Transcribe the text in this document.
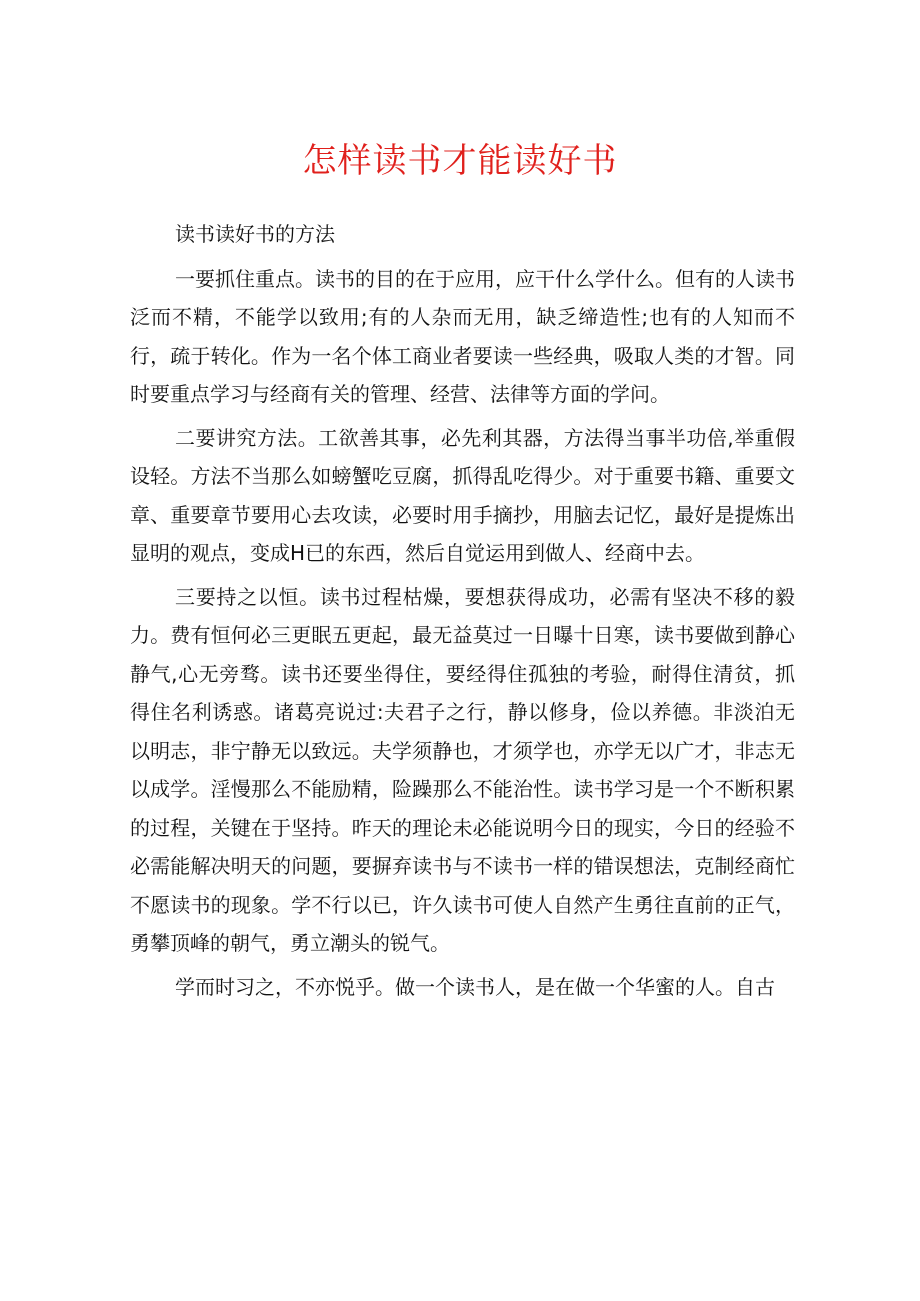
怎样读书才能读好书

读书读好书的方法

一要抓住重点。读书的目的在于应用，应干什么学什么。但有的人读书泛而不精，不能学以致用;有的人杂而无用，缺乏缔造性;也有的人知而不行，疏于转化。作为一名个体工商业者要读一些经典，吸取人类的才智。同时要重点学习与经商有关的管理、经营、法律等方面的学问。

二要讲究方法。工欲善其事，必先利其器，方法得当事半功倍,举重假设轻。方法不当那么如螃蟹吃豆腐，抓得乱吃得少。对于重要书籍、重要文章、重要章节要用心去攻读，必要时用手摘抄，用脑去记忆，最好是提炼出显明的观点，变成H已的东西，然后自觉运用到做人、经商中去。

三要持之以恒。读书过程枯燥，要想获得成功，必需有坚决不移的毅力。费有恒何必三更眠五更起，最无益莫过一日曝十日寒，读书要做到静心静气,心无旁骛。读书还要坐得住，要经得住孤独的考验，耐得住清贫，抓得住名利诱惑。诸葛亮说过:夫君子之行，静以修身，俭以养德。非淡泊无以明志，非宁静无以致远。夫学须静也，才须学也，亦学无以广才，非志无以成学。淫慢那么不能励精，险躁那么不能治性。读书学习是一个不断积累的过程，关键在于坚持。昨天的理论未必能说明今日的现实，今日的经验不必需能解决明天的问题，要摒弃读书与不读书一样的错误想法，克制经商忙不愿读书的现象。学不行以已，许久读书可使人自然产生勇往直前的正气，勇攀顶峰的朝气，勇立潮头的锐气。

学而时习之，不亦悦乎。做一个读书人，是在做一个华蜜的人。自古
